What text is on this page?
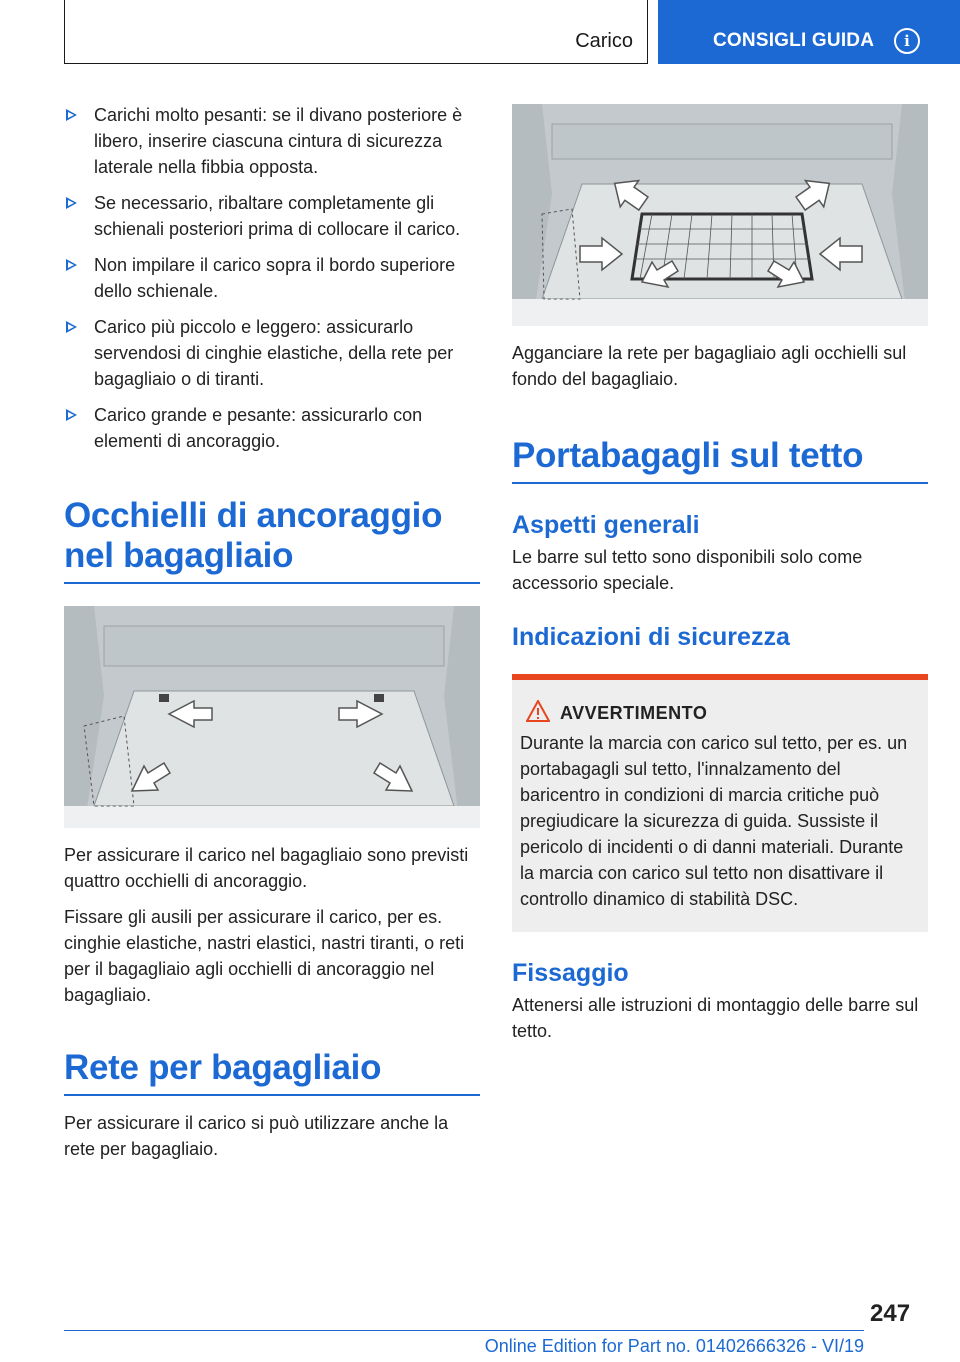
Carico	CONSIGLI GUIDA	i
Carichi molto pesanti: se il divano posteriore è libero, inserire ciascuna cintura di sicurezza laterale nella fibbia opposta.
Se necessario, ribaltare completamente gli schienali posteriori prima di collocare il carico.
Non impilare il carico sopra il bordo superiore dello schienale.
Carico più piccolo e leggero: assicurarlo servendosi di cinghie elastiche, della rete per bagagliaio o di tiranti.
Carico grande e pesante: assicurarlo con elementi di ancoraggio.
Occhielli di ancoraggio nel bagagliaio

Per assicurare il carico nel bagagliaio sono previsti quattro occhielli di ancoraggio.

Fissare gli ausili per assicurare il carico, per es. cinghie elastiche, nastri elastici, nastri tiranti, o reti per il bagagliaio agli occhielli di ancoraggio nel bagagliaio.

Rete per bagagliaio

Per assicurare il carico si può utilizzare anche la rete per bagagliaio.

Agganciare la rete per bagagliaio agli occhielli sul fondo del bagagliaio.

Portabagagli sul tetto
Aspetti generali

Le barre sul tetto sono disponibili solo come accessorio speciale.

Indicazioni di sicurezza
AVVERTIMENTO
Durante la marcia con carico sul tetto, per es. un portabagagli sul tetto, l'innalzamento del baricentro in condizioni di marcia critiche può pregiudicare la sicurezza di guida. Sussiste il pericolo di incidenti o di danni materiali. Durante la marcia con carico sul tetto non disattivare il controllo dinamico di stabilità DSC.
Fissaggio

Attenersi alle istruzioni di montaggio delle barre sul tetto.

247
Online Edition for Part no. 01402666326 - VI/19
